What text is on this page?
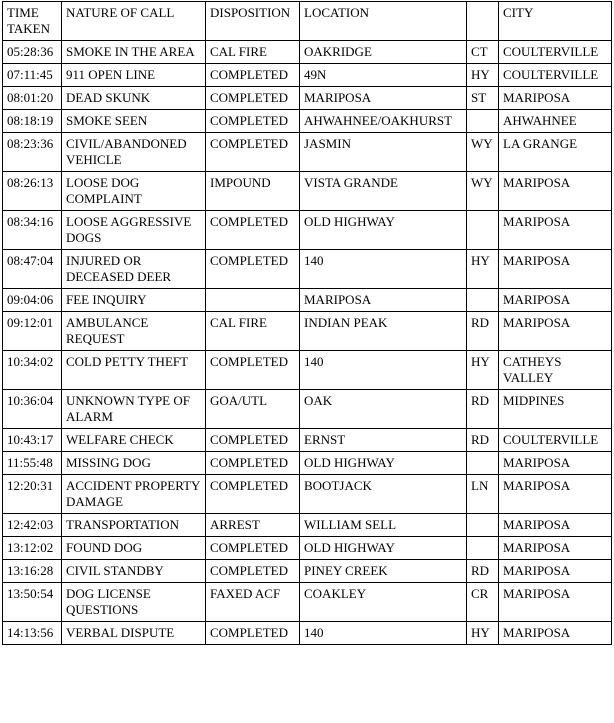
TIME TAKEN	NATURE OF CALL	DISPOSITION	LOCATION		CITY
05:28:36	SMOKE IN THE AREA	CAL FIRE	OAKRIDGE	CT	COULTERVILLE
07:11:45	911 OPEN LINE	COMPLETED	49N	HY	COULTERVILLE
08:01:20	DEAD SKUNK	COMPLETED	MARIPOSA	ST	MARIPOSA
08:18:19	SMOKE SEEN	COMPLETED	AHWAHNEE/OAKHURST		AHWAHNEE
08:23:36	CIVIL/ABANDONED VEHICLE	COMPLETED	JASMIN	WY	LA GRANGE
08:26:13	LOOSE DOG COMPLAINT	IMPOUND	VISTA GRANDE	WY	MARIPOSA
08:34:16	LOOSE AGGRESSIVE DOGS	COMPLETED	OLD HIGHWAY		MARIPOSA
08:47:04	INJURED OR DECEASED DEER	COMPLETED	140	HY	MARIPOSA
09:04:06	FEE INQUIRY		MARIPOSA		MARIPOSA
09:12:01	AMBULANCE REQUEST	CAL FIRE	INDIAN PEAK	RD	MARIPOSA
10:34:02	COLD PETTY THEFT	COMPLETED	140	HY	CATHEYS VALLEY
10:36:04	UNKNOWN TYPE OF ALARM	GOA/UTL	OAK	RD	MIDPINES
10:43:17	WELFARE CHECK	COMPLETED	ERNST	RD	COULTERVILLE
11:55:48	MISSING DOG	COMPLETED	OLD HIGHWAY		MARIPOSA
12:20:31	ACCIDENT PROPERTY DAMAGE	COMPLETED	BOOTJACK	LN	MARIPOSA
12:42:03	TRANSPORTATION	ARREST	WILLIAM SELL		MARIPOSA
13:12:02	FOUND DOG	COMPLETED	OLD HIGHWAY		MARIPOSA
13:16:28	CIVIL STANDBY	COMPLETED	PINEY CREEK	RD	MARIPOSA
13:50:54	DOG LICENSE QUESTIONS	FAXED ACF	COAKLEY	CR	MARIPOSA
14:13:56	VERBAL DISPUTE	COMPLETED	140	HY	MARIPOSA
